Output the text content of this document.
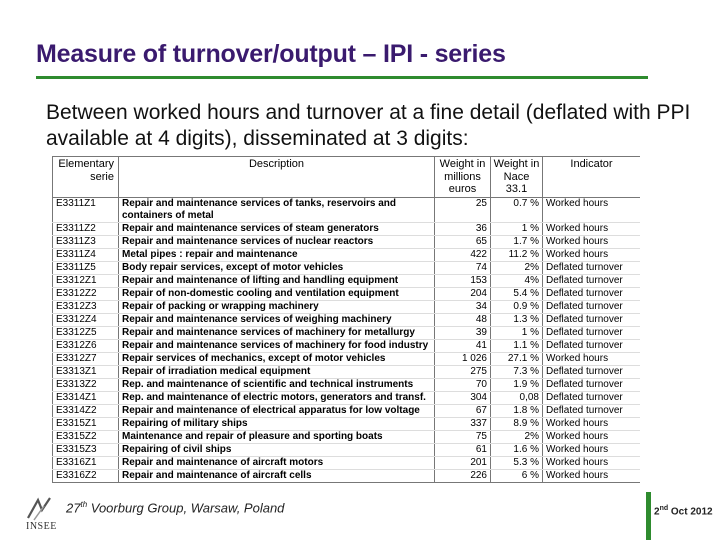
Measure of turnover/output – IPI - series

Between worked hours and turnover at a fine detail (deflated with PPI available at 4 digits), disseminated at 3 digits:

Elementary serie	Description	Weight in millions euros	Weight in Nace 33.1	Indicator
E3311Z1	Repair and maintenance services of tanks, reservoirs and containers of metal	25	0.7 %	Worked hours
E3311Z2	Repair and maintenance services of steam generators	36	1 %	Worked hours
E3311Z3	Repair and maintenance services of nuclear reactors	65	1.7 %	Worked hours
E3311Z4	Metal pipes : repair and maintenance	422	11.2 %	Worked hours
E3311Z5	Body repair services, except of motor vehicles	74	2%	Deflated turnover
E3312Z1	Repair and maintenance of lifting and handling equipment	153	4%	Deflated turnover
E3312Z2	Repair of non-domestic cooling and ventilation equipment	204	5.4 %	Deflated turnover
E3312Z3	Repair of packing or wrapping machinery	34	0.9 %	Deflated turnover
E3312Z4	Repair and maintenance services of weighing machinery	48	1.3 %	Deflated turnover
E3312Z5	Repair and maintenance services of machinery for metallurgy	39	1 %	Deflated turnover
E3312Z6	Repair and maintenance services of machinery for food industry	41	1.1 %	Deflated turnover
E3312Z7	Repair services of mechanics, except of motor vehicles	1 026	27.1 %	Worked hours
E3313Z1	Repair of irradiation medical equipment	275	7.3 %	Deflated turnover
E3313Z2	Rep. and maintenance of scientific and technical instruments	70	1.9 %	Deflated turnover
E3314Z1	Rep. and maintenance of electric motors, generators and transf.	304	0,08	Deflated turnover
E3314Z2	Repair and maintenance of electrical apparatus for low voltage	67	1.8 %	Deflated turnover
E3315Z1	Repairing of military ships	337	8.9 %	Worked hours
E3315Z2	Maintenance and repair of pleasure and sporting boats	75	2%	Worked hours
E3315Z3	Repairing of civil ships	61	1.6 %	Worked hours
E3316Z1	Repair and maintenance of aircraft motors	201	5.3 %	Worked hours
E3316Z2	Repair and maintenance of aircraft cells	226	6 %	Worked hours
INSEE

27th Voorburg Group, Warsaw, Poland	2nd Oct 2012
